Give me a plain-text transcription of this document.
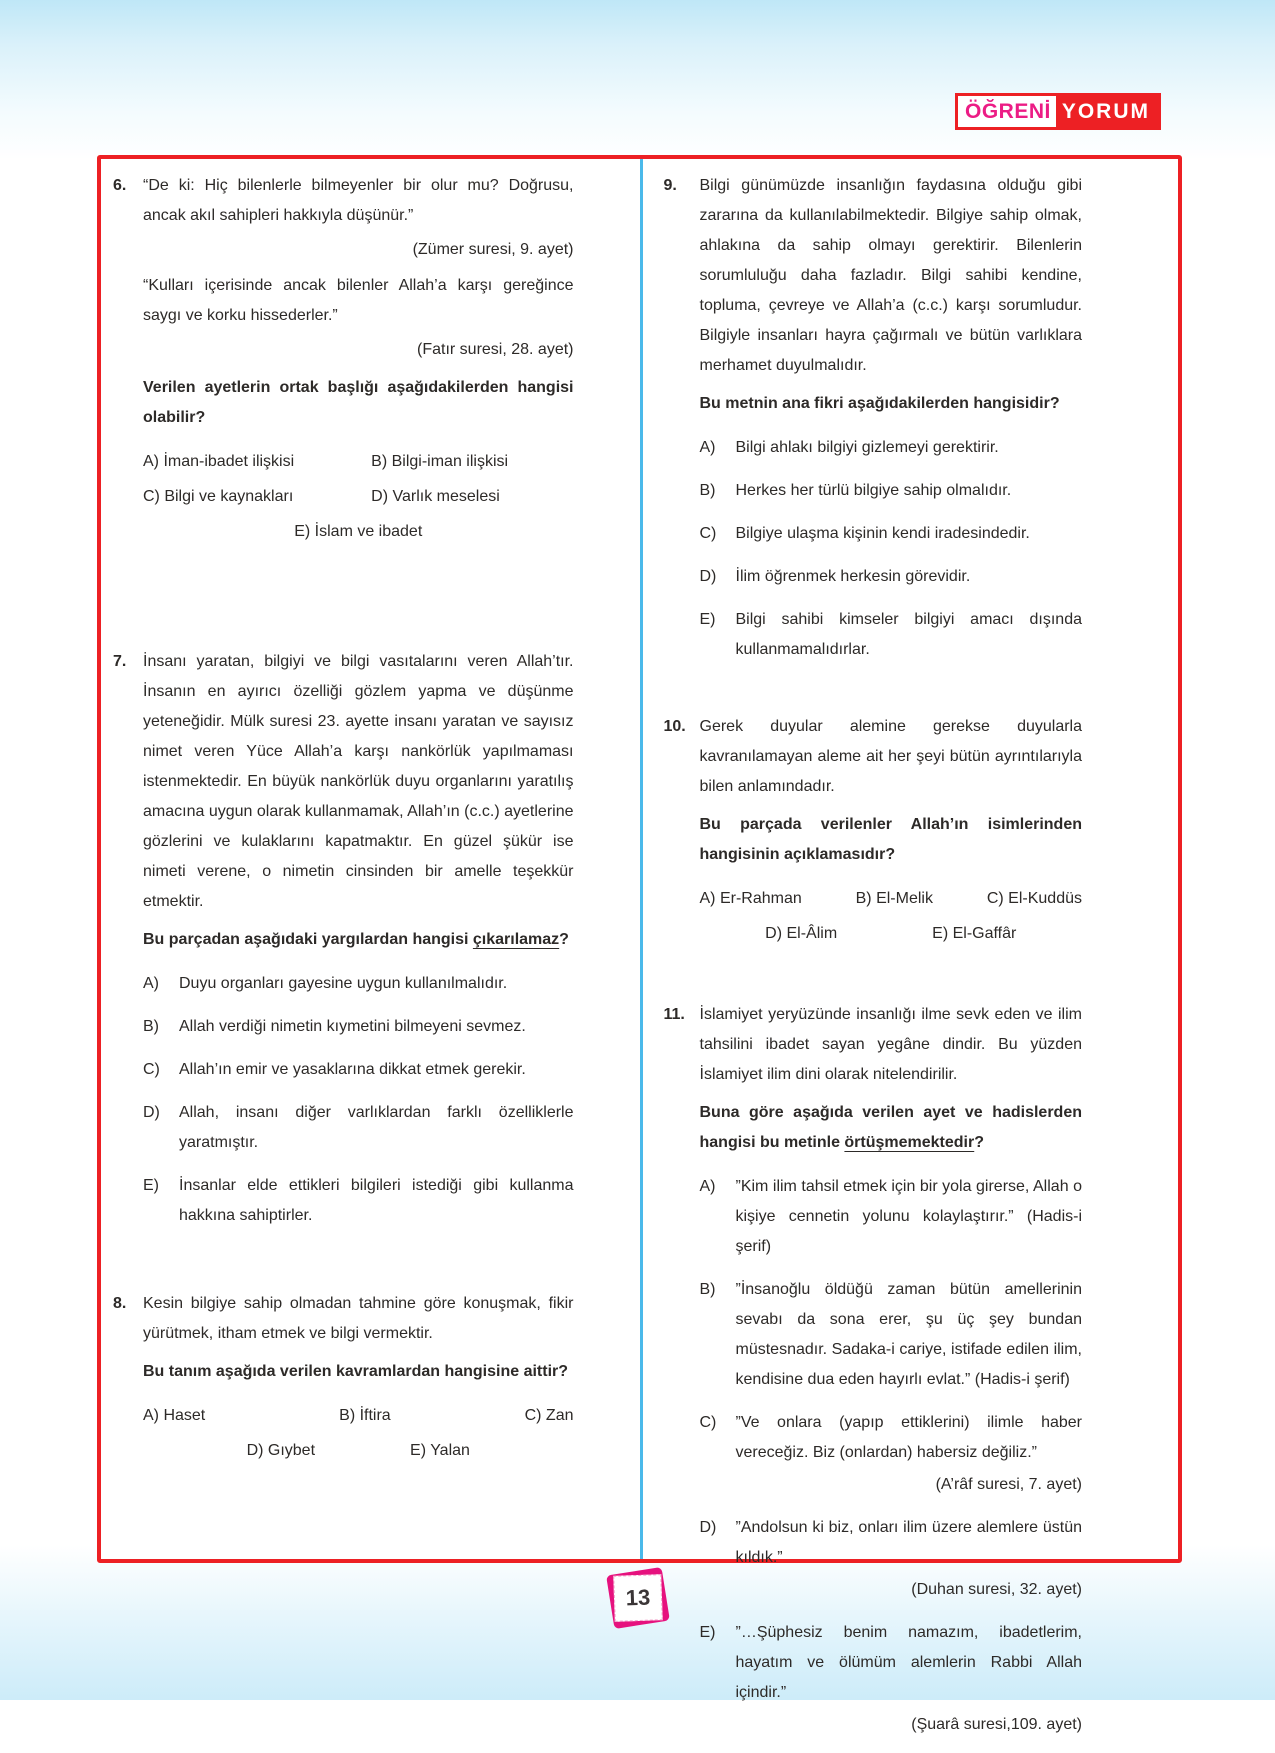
ÖĞRENİ YORUM
6.	“De ki: Hiç bilenlerle bilmeyenler bir olur mu? Doğrusu, ancak akıl sahipleri hakkıyla düşünür.”

(Zümer suresi, 9. ayet)

“Kulları içerisinde ancak bilenler Allah’a karşı gereğince saygı ve korku hissederler.”

(Fatır suresi, 28. ayet)

Verilen ayetlerin ortak başlığı aşağıdakilerden hangisi olabilir?

A) İman-ibadet ilişkisi	B) Bilgi-iman ilişkisi
C) Bilgi ve kaynakları	D) Varlık meselesi
E) İslam ve ibadet
7.	İnsanı yaratan, bilgiyi ve bilgi vasıtalarını veren Allah’tır. İnsanın en ayırıcı özelliği gözlem yapma ve düşünme yeteneğidir. Mülk suresi 23. ayette insanı yaratan ve sayısız nimet veren Yüce Allah’a karşı nankörlük yapılmaması istenmektedir. En büyük nankörlük duyu organlarını yaratılış amacına uygun olarak kullanmamak, Allah’ın (c.c.) ayetlerine gözlerini ve kulaklarını kapatmaktır. En güzel şükür ise nimeti verene, o nimetin cinsinden bir amelle teşekkür etmektir.

Bu parçadan aşağıdaki yargılardan hangisi çıkarılamaz?

A)	Duyu organları gayesine uygun kullanılmalıdır.
B)	Allah verdiği nimetin kıymetini bilmeyeni sevmez.
C)	Allah’ın emir ve yasaklarına dikkat etmek gerekir.
D)	Allah, insanı diğer varlıklardan farklı özelliklerle yaratmıştır.
E)	İnsanlar elde ettikleri bilgileri istediği gibi kullanma hakkına sahiptirler.
8.	Kesin bilgiye sahip olmadan tahmine göre konuşmak, fikir yürütmek, itham etmek ve bilgi vermektir.

Bu tanım aşağıda verilen kavramlardan hangisine aittir?

A) Haset	B) İftira	C) Zan
D) Gıybet	E) Yalan
9.	Bilgi günümüzde insanlığın faydasına olduğu gibi zararına da kullanılabilmektedir. Bilgiye sahip olmak, ahlakına da sahip olmayı gerektirir. Bilenlerin sorumluluğu daha fazladır. Bilgi sahibi kendine, topluma, çevreye ve Allah’a (c.c.) karşı sorumludur. Bilgiyle insanları hayra çağırmalı ve bütün varlıklara merhamet duyulmalıdır.

Bu metnin ana fikri aşağıdakilerden hangisidir?

A)	Bilgi ahlakı bilgiyi gizlemeyi gerektirir.
B)	Herkes her türlü bilgiye sahip olmalıdır.
C)	Bilgiye ulaşma kişinin kendi iradesindedir.
D)	İlim öğrenmek herkesin görevidir.
E)	Bilgi sahibi kimseler bilgiyi amacı dışında kullanmamalıdırlar.
10. Gerek duyular alemine gerekse duyularla kavranılamayan aleme ait her şeyi bütün ayrıntılarıyla bilen anlamındadır.

Bu parçada verilenler Allah’ın isimlerinden hangisinin açıklamasıdır?

A) Er-Rahman	B) El-Melik	C) El-Kuddüs
D) El-Âlim	E) El-Gaffâr
11. İslamiyet yeryüzünde insanlığı ilme sevk eden ve ilim tahsilini ibadet sayan yegâne dindir. Bu yüzden İslamiyet ilim dini olarak nitelendirilir.

Buna göre aşağıda verilen ayet ve hadislerden hangisi bu metinle örtüşmemektedir?

A)	”Kim ilim tahsil etmek için bir yola girerse, Allah o kişiye cennetin yolunu kolaylaştırır.” (Hadis-i şerif)
B)	”İnsanoğlu öldüğü zaman bütün amellerinin sevabı da sona erer, şu üç şey bundan müstesnadır. Sadaka-i cariye, istifade edilen ilim, kendisine dua eden hayırlı evlat.” (Hadis-i şerif)
C)	”Ve onlara (yapıp ettiklerini) ilimle haber vereceğiz. Biz (onlardan) habersiz değiliz.”

(A’râf suresi, 7. ayet)

D)	”Andolsun ki biz, onları ilim üzere alemlere üstün kıldık.”

(Duhan suresi, 32. ayet)

E)	”…Şüphesiz benim namazım, ibadetlerim, hayatım ve ölümüm alemlerin Rabbi Allah içindir.”

(Şuarâ suresi,109. ayet)

13
